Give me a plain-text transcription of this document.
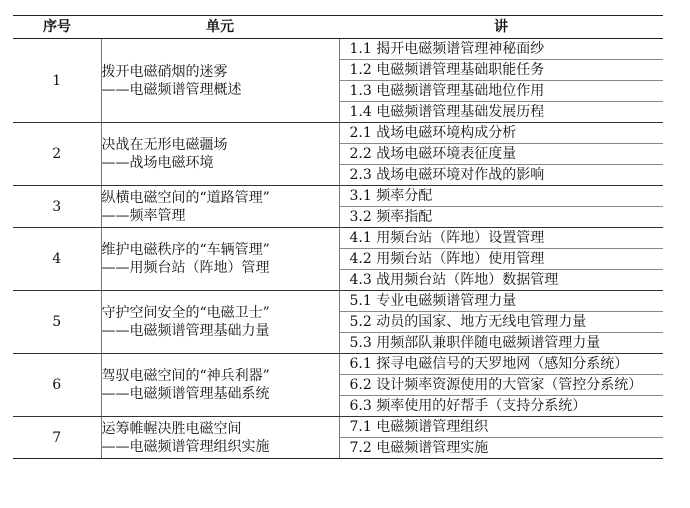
序号	单元	讲
1	拨开电磁硝烟的迷雾
——电磁频谱管理概述	1.1 揭开电磁频谱管理神秘面纱
1.2 电磁频谱管理基础职能任务
1.3 电磁频谱管理基础地位作用
1.4 电磁频谱管理基础发展历程

2	决战在无形电磁疆场
——战场电磁环境	2.1 战场电磁环境构成分析
2.2 战场电磁环境表征度量
2.3 战场电磁环境对作战的影响

3	纵横电磁空间的“道路管理”
——频率管理	3.1 频率分配
3.2 频率指配

4	维护电磁秩序的“车辆管理”
——用频台站（阵地）管理	4.1 用频台站（阵地）设置管理
4.2 用频台站（阵地）使用管理
4.3 战用频台站（阵地）数据管理

5	守护空间安全的“电磁卫士”
——电磁频谱管理基础力量	5.1 专业电磁频谱管理力量
5.2 动员的国家、地方无线电管理力量
5.3 用频部队兼职伴随电磁频谱管理力量

6	驾驭电磁空间的“神兵利器”
——电磁频谱管理基础系统	6.1 探寻电磁信号的天罗地网（感知分系统）
6.2 设计频率资源使用的大管家（管控分系统）
6.3 频率使用的好帮手（支持分系统）

7	运筹帷幄决胜电磁空间
——电磁频谱管理组织实施	7.1 电磁频谱管理组织
7.2 电磁频谱管理实施
